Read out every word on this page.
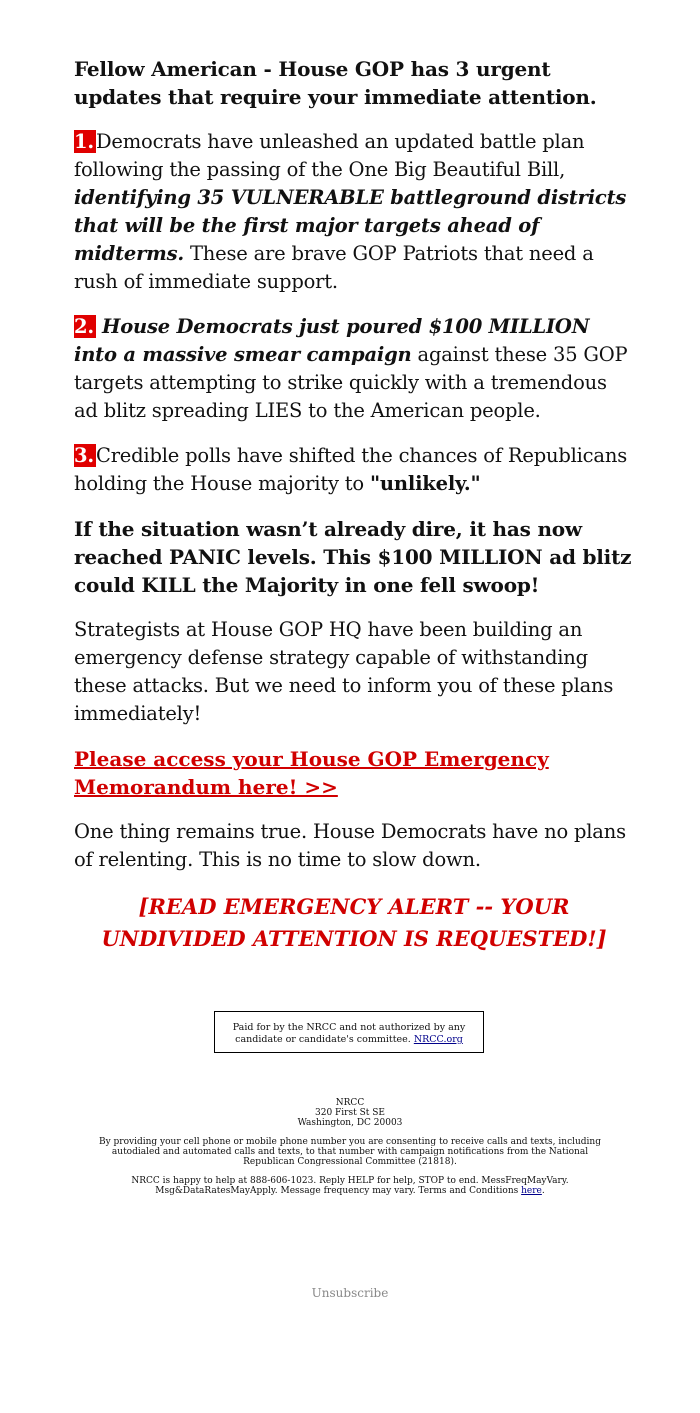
Fellow American - House GOP has 3 urgent updates that require your immediate attention.

1. Democrats have unleashed an updated battle plan following the passing of the One Big Beautiful Bill, identifying 35 VULNERABLE battleground districts that will be the first major targets ahead of midterms. These are brave GOP Patriots that need a rush of immediate support.

2. House Democrats just poured $100 MILLION into a massive smear campaign against these 35 GOP targets attempting to strike quickly with a tremendous ad blitz spreading LIES to the American people.

3. Credible polls have shifted the chances of Republicans holding the House majority to "unlikely."

If the situation wasn’t already dire, it has now reached PANIC levels. This $100 MILLION ad blitz could KILL the Majority in one fell swoop!

Strategists at House GOP HQ have been building an emergency defense strategy capable of withstanding these attacks. But we need to inform you of these plans immediately!

Please access your House GOP Emergency Memorandum here! >>

One thing remains true. House Democrats have no plans of relenting. This is no time to slow down.

[READ EMERGENCY ALERT -- YOUR UNDIVIDED ATTENTION IS REQUESTED!]
Paid for by the NRCC and not authorized by any candidate or candidate's committee. NRCC.org

NRCC
320 First St SE
Washington, DC 20003

By providing your cell phone or mobile phone number you are consenting to receive calls and texts, including autodialed and automated calls and texts, to that number with campaign notifications from the National Republican Congressional Committee (21818).

NRCC is happy to help at 888-606-1023. Reply HELP for help, STOP to end. MessFreqMayVary. Msg&DataRatesMayApply. Message frequency may vary. Terms and Conditions here.

Unsubscribe
